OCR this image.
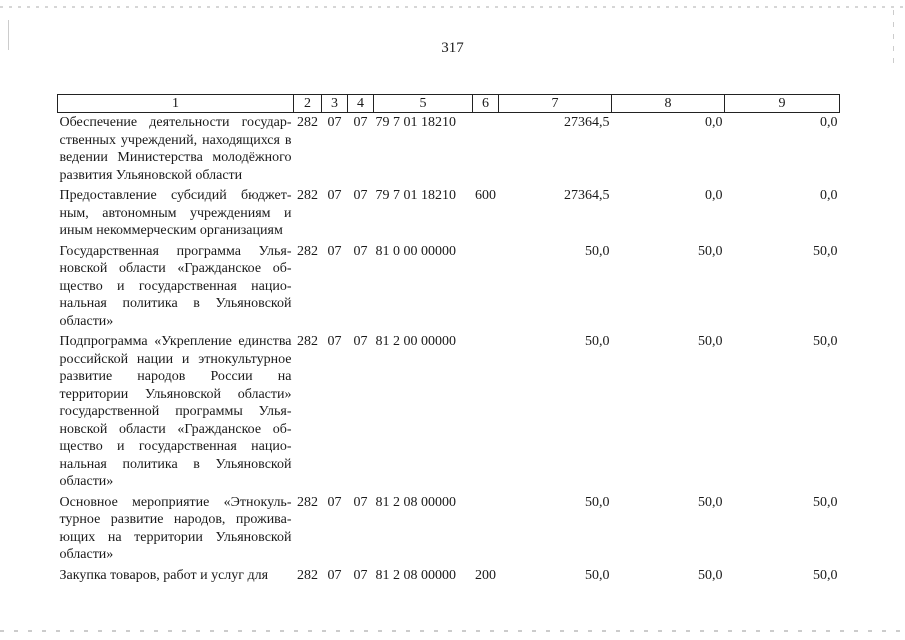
317
1	2	3	4	5	6	7	8	9
Обеспечение деятельности государственных учреждений, находящихся в ведении Министерства молодёжного развития Ульяновской области	282	07	07	79 7 01 18210		27364,5	0,0	0,0
Предоставление субсидий бюджетным, автономным учреждениям и иным некоммерческим организациям	282	07	07	79 7 01 18210	600	27364,5	0,0	0,0
Государственная программа Ульяновской области «Гражданское общество и государственная национальная политика в Ульяновской области»	282	07	07	81 0 00 00000		50,0	50,0	50,0
Подпрограмма «Укрепление единства российской нации и этнокультурное развитие народов России на территории Ульяновской области» государственной программы Ульяновской области «Гражданское общество и государственная национальная политика в Ульяновской области»	282	07	07	81 2 00 00000		50,0	50,0	50,0
Основное мероприятие «Этнокультурное развитие народов, проживающих на территории Ульяновской области»	282	07	07	81 2 08 00000		50,0	50,0	50,0
Закупка товаров, работ и услуг для	282	07	07	81 2 08 00000	200	50,0	50,0	50,0
